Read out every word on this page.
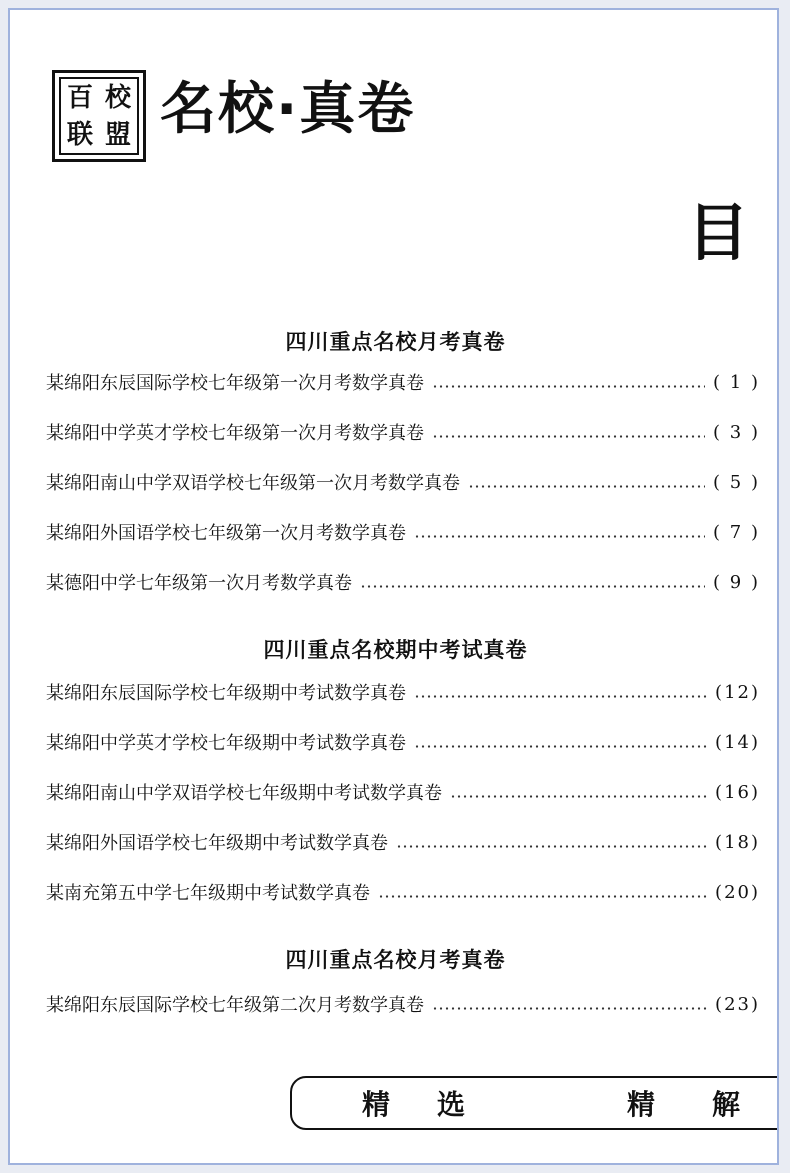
百 校
联 盟 名校·真卷
目
四川重点名校月考真卷
某绵阳东辰国际学校七年级第一次月考数学真卷	( 1 )
某绵阳中学英才学校七年级第一次月考数学真卷	( 3 )
某绵阳南山中学双语学校七年级第一次月考数学真卷	( 5 )
某绵阳外国语学校七年级第一次月考数学真卷	( 7 )
某德阳中学七年级第一次月考数学真卷	( 9 )
四川重点名校期中考试真卷
某绵阳东辰国际学校七年级期中考试数学真卷	(12)
某绵阳中学英才学校七年级期中考试数学真卷	(14)
某绵阳南山中学双语学校七年级期中考试数学真卷	(16)
某绵阳外国语学校七年级期中考试数学真卷	(18)
某南充第五中学七年级期中考试数学真卷	(20)
四川重点名校月考真卷
某绵阳东辰国际学校七年级第二次月考数学真卷	(23)
精 选	精 解
